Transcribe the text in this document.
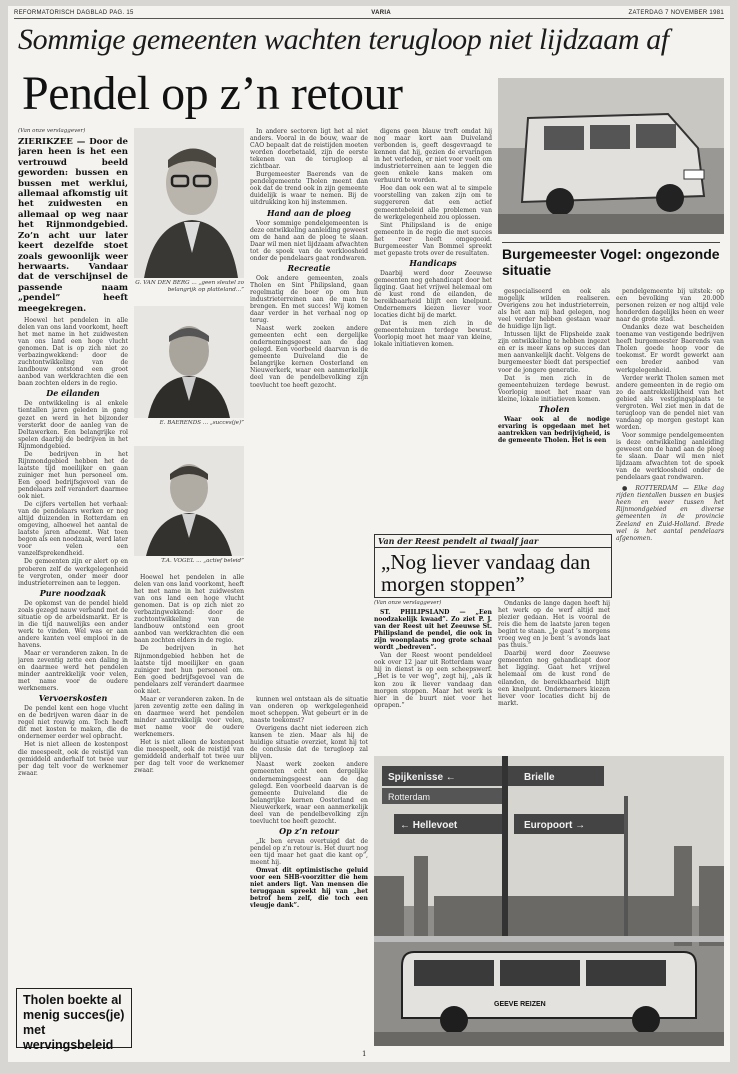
REFORMATORISCH DAGBLAD PAG. 15	VARIA	ZATERDAG 7 NOVEMBER 1981
Sommige gemeenten wachten terugloop niet lijdzaam af
Pendel op z’n retour
(Van onze verslaggever)
ZIERIKZEE — Door de jaren heen is het een vertrouwd beeld geworden: bussen en bussen met werklui, allemaal afkomstig uit het zuidwesten en allemaal op weg naar het Rijnmondgebied. Zo’n acht uur later keert dezelfde stoet zoals gewoonlijk weer herwaarts. Vandaar dat de verschijnsel de passende naam „pendel” heeft meegekregen.

Hoewel het pendelen in alle delen van ons land voorkomt, heeft het met name in het zuidwesten van ons land een hoge vlucht genomen. Dat is op zich niet zo verbazingwekkend: door de zuchtontwikkeling van de landbouw ontstond een groot aanbod van werkkrachten die een baan zochten elders in de regio.

De eilanden

De ontwikkeling is al enkele tientallen jaren geleden in gang gezet en werd in het bijzonder versterkt door de aanleg van de Deltawerken. Een belangrijke rol spelen daarbij de bedrijven in het Rijnmondgebied.

De bedrijven in het Rijnmondgebied hebben het de laatste tijd moeilijker en gaan zuiniger met hun personeel om. Een goed bedrijfsgevoel van de pendelaars zelf verandert daarmee ook niet.

De cijfers vertellen het verhaal: van de pendelaars werken er nog altijd duizenden in Rotterdam en omgeving, alhoewel het aantal de laatste jaren afneemt. Wat toen begon als een noodzaak, werd later voor velen een vanzelfsprekendheid.

De gemeenten zijn er alert op en proberen zelf de werkgelegenheid te vergroten, onder meer door industrieterreinen aan te leggen.

Pure noodzaak

De opkomst van de pendel hield zoals gezegd nauw verband met de situatie op de arbeidsmarkt. Er is in die tijd nauwelijks een ander werk te vinden. Wel was er aan andere kanten veel emplooi in de havens.

Maar er veranderen zaken. In de jaren zeventig zette een daling in en daarmee werd het pendelen minder aantrekkelijk voor velen, met name voor de oudere werknemers.

Vervoerskosten

De pendel kent een hoge vlucht en de bedrijven waren daar in de regel niet rouwig om. Toch heeft dit met kosten te maken, die de ondernemer eerder wel opbracht.

Het is niet alleen de kostenpost die meespeelt, ook de reistijd van gemiddeld anderhalf tot twee uur per dag telt voor de werknemer zwaar.

G. VAN DEN BERG ... „geen sleutel zo belangrijk op platteland...”
E. BAERENDS ... „succes(je)”
T.A. VOGEL ... „actief beleid”

In andere sectoren ligt het al niet anders. Vooral in de bouw, waar de CAO bepaalt dat de reistijden moeten worden doorbetaald, zijn de eerste tekenen van de terugloop al zichtbaar.

Burgemeester Baerends van de pendelgemeente Tholen meent dan ook dat de trend ook in zijn gemeente duidelijk is waar te nemen. Bij de uitdrukking kon hij instemmen.

Hand aan de ploeg

Voor sommige pendelgemeenten is deze ontwikkeling aanleiding geweest om de hand aan de ploeg te slaan. Daar wil men niet lijdzaam afwachten tot de spoek van de werkloosheid onder de pendelaars gaat rondwaren.

Recreatie

Ook andere gemeenten, zoals Tholen en Sint Philipsland, gaan regelmatig de boer op om hun industrieterreinen aan de man te brengen. En met succes! Wij komen daar verder in het verhaal nog op terug.

Naast werk zoeken andere gemeenten echt een dergelijke ondernemingsgeest aan de dag gelegd. Een voorbeeld daarvan is de gemeente Duiveland die de belangrijke kernen Oosterland en Nieuwerkerk, waar een aanmerkelijk deel van de pendelbevolking zijn toevlucht toe heeft gezocht.

Hoewel het pendelen in alle delen van ons land voorkomt, heeft het met name in het zuidwesten van ons land een hoge vlucht genomen. Dat is op zich niet zo verbazingwekkend: door de zuchtontwikkeling van de landbouw ontstond een groot aanbod van werkkrachten die een baan zochten elders in de regio.

De bedrijven in het Rijnmondgebied hebben het de laatste tijd moeilijker en gaan zuiniger met hun personeel om. Een goed bedrijfsgevoel van de pendelaars zelf verandert daarmee ook niet.

Maar er veranderen zaken. In de jaren zeventig zette een daling in en daarmee werd het pendelen minder aantrekkelijk voor velen, met name voor de oudere werknemers.

Het is niet alleen de kostenpost die meespeelt, ook de reistijd van gemiddeld anderhalf tot twee uur per dag telt voor de werknemer zwaar.

digens geen blauw treft omdat hij nog maar kort aan Duiveland verbonden is, geeft desgevraagd te kennen dat hij, gezien de ervaringen in het verleden, er niet voor voelt om industrieterreinen aan te leggen die geen enkele kans maken om verhuurd te worden.

Hoe dan ook een wat al te simpele voorstelling van zaken zijn om te suggereren dat een actief gemeentebeleid alle problemen van de werkgelegenheid zou oplossen.

Sint Philipsland is de enige gemeente in de regio die met succes het roer heeft omgegooid. Burgemeester Van Bommel spreekt met gepaste trots over de resultaten.

Handicaps

Daarbij werd door Zeeuwse gemeenten nog gehandicapt door het ligging. Gaat het vrijwel helemaal om de kust rond de eilanden, de bereikbaarheid blijft een knelpunt. Ondernemers kiezen liever voor locaties dicht bij de markt.

Dat is men zich in de gemeentehuizen terdege bewust. Voorlopig moet het maar van kleine, lokale initiatieven komen.

Burgemeester Vogel: ongezonde situatie

gespecialiseerd en ook als mogelijk wilden realiseren. Overigens zou het industrieterrein, als het aan mij had gelegen, nog veel verder hebben gestaan waar de huidige lijn ligt.

Intussen lijkt de Flipsheide zaak zijn ontwikkeling te hebben ingezet en er is meer kans op succes dan men aanvankelijk dacht. Volgens de burgemeester biedt dat perspectief voor de jongere generatie.

Dat is men zich in de gemeentehuizen terdege bewust. Voorlopig moet het maar van kleine, lokale initiatieven komen.

Tholen

Waar ook al de nodige ervaring is opgedaan met het aantrekken van bedrijvigheid, is de gemeente Tholen. Het is een

pendelgemeente bij uitstek: op een bevolking van 20.000 personen reizen er nog altijd vele honderden dagelijks heen en weer naar de grote stad.

Ondanks deze wat bescheiden toename van vestigende bedrijven heeft burgemeester Baerends van Tholen goede hoop voor de toekomst. Er wordt gewerkt aan een breder aanbod van werkgelegenheid.

Verder werkt Tholen samen met andere gemeenten in de regio om zo de aantrekkelijkheid van het gebied als vestigingsplaats te vergroten. Wel ziet men in dat de terugloop van de pendel niet van vandaag op morgen gestopt kan worden.

Voor sommige pendelgemeenten is deze ontwikkeling aanleiding geweest om de hand aan de ploeg te slaan. Daar wil men niet lijdzaam afwachten tot de spoek van de werkloosheid onder de pendelaars gaat rondwaren.

● ROTTERDAM — Elke dag rijden tientallen bussen en busjes heen en weer tussen het Rijnmondgebied en diverse gemeenten in de provincie Zeeland en Zuid-Holland. Brede wel is het aantal pendelaars afgenomen.

Van der Reest pendelt al twaalf jaar
„Nog liever vandaag dan morgen stoppen”
(Van onze verslaggever)

ST. PHILIPSLAND — „Een noodzakelijk kwaad”. Zo ziet P. J. van der Reest uit het Zeeuwse St. Philipsland de pendel, die ook in zijn woonplaats nog grote schaal wordt „bedreven”.

Van der Reest woont pendeldeel ook over 12 jaar uit Rotterdam waar hij in dienst is op een scheepswerf. „Het is te ver weg”, zegt hij, „als ik kon zou ik liever vandaag dan morgen stoppen. Maar het werk is hier in de buurt niet voor het oprapen.”

Ondanks de lange dagen heeft hij het werk op de werf altijd met plezier gedaan. Het is vooral de reis die hem de laatste jaren tegen begint te staan. „Je gaat ’s morgens vroeg weg en je bent ’s avonds laat pas thuis.”

Daarbij werd door Zeeuwse gemeenten nog gehandicapt door het ligging. Gaat het vrijwel helemaal om de kust rond de eilanden, de bereikbaarheid blijft een knelpunt. Ondernemers kiezen liever voor locaties dicht bij de markt.

kunnen wel ontstaan als de situatie van onderen op werkgelegenheid moet scheppen. Wat gebeurt er in de naaste toekomst?

Overigens dacht niet iedereen zich kansen te zien. Maar als hij de huidige situatie overziet, komt hij tot de conclusie dat de terugloop zal blijven.

Naast werk zoeken andere gemeenten echt een dergelijke ondernemingsgeest aan de dag gelegd. Een voorbeeld daarvan is de gemeente Duiveland die de belangrijke kernen Oosterland en Nieuwerkerk, waar een aanmerkelijk deel van de pendelbevolking zijn toevlucht toe heeft gezocht.

Op z’n retour

„Ik ben ervan overtuigd dat de pendel op z’n retour is. Het duurt nog een tijd maar het gaat die kant op”, meent hij.

Omvat dit optimistische geluid voor een SHB-voorzitter die hem niet anders ligt. Van mensen die teruggaan spreekt hij van „het betrof hem zelf, die toch een vleugje dank”.

Spijkenisse ←	Brielle
Rotterdam
← Hellevoet	Europoort →
GEEVE REIZEN
Tholen boekte al menig succes(je) met wervingsbeleid
1
